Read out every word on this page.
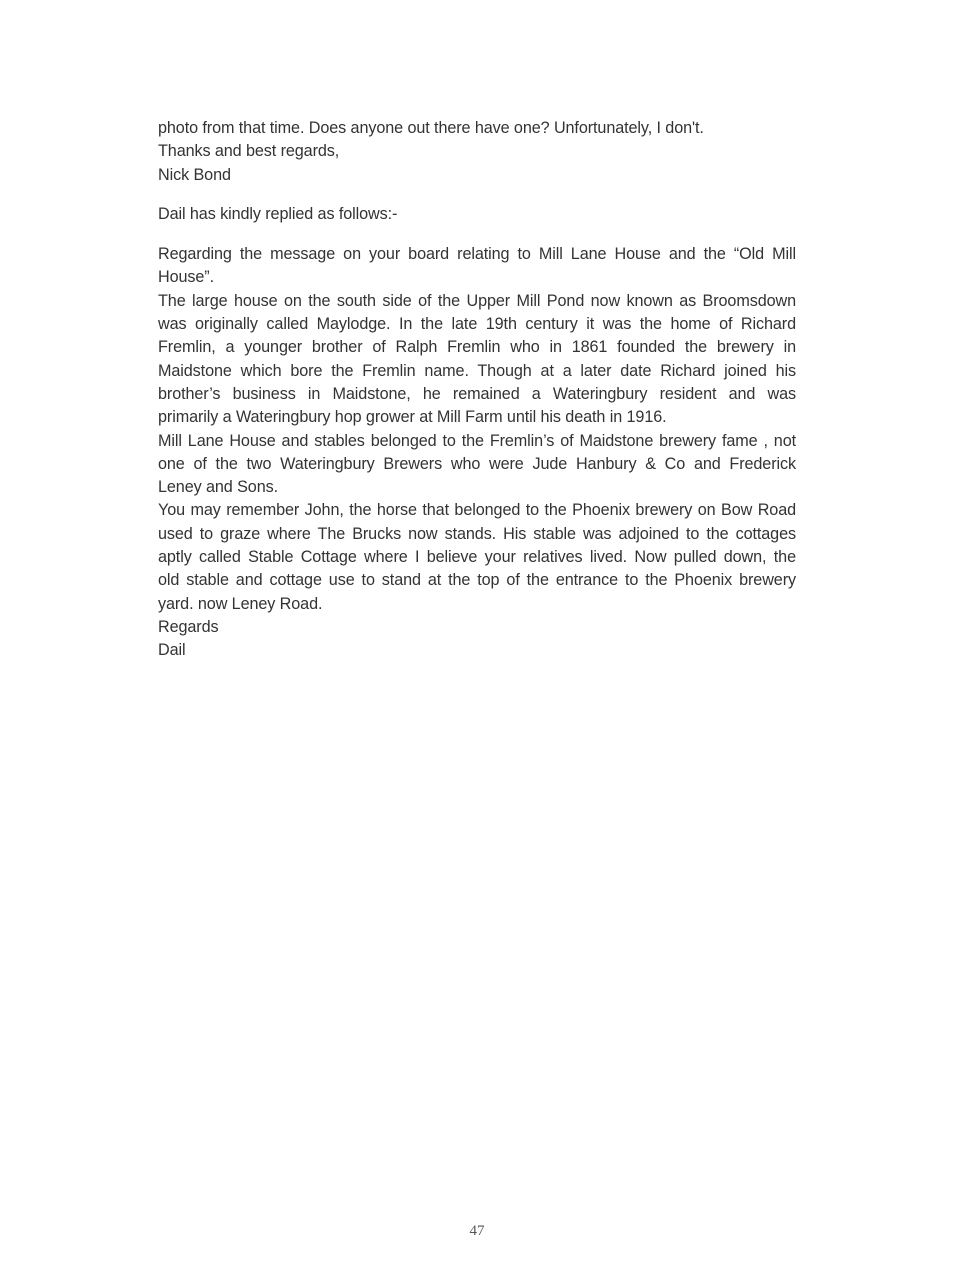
photo from that time. Does anyone out there have one? Unfortunately, I don't.
Thanks and best regards,
Nick Bond
Dail has kindly replied as follows:-
Regarding the message on your board relating to Mill Lane House and the “Old Mill
House”.
The large house on the south side of the Upper Mill Pond now known as Broomsdown
was originally called Maylodge. In the late 19th century it was the home of Richard
Fremlin, a younger brother of Ralph Fremlin who in 1861 founded the brewery in
Maidstone which bore the Fremlin name. Though at a later date Richard joined his
brother’s business in Maidstone, he remained a Wateringbury resident and was
primarily a Wateringbury hop grower at Mill Farm until his death in 1916.
Mill Lane House and stables belonged to the Fremlin’s of Maidstone brewery fame , not
one of the two Wateringbury Brewers who were Jude Hanbury & Co and Frederick
Leney and Sons.
You may remember John, the horse that belonged to the Phoenix brewery on Bow Road
used to graze where The Brucks now stands. His stable was adjoined to the cottages
aptly called Stable Cottage where I believe your relatives lived. Now pulled down, the
old stable and cottage use to stand at the top of the entrance to the Phoenix brewery
yard. now Leney Road.
Regards
Dail
47
